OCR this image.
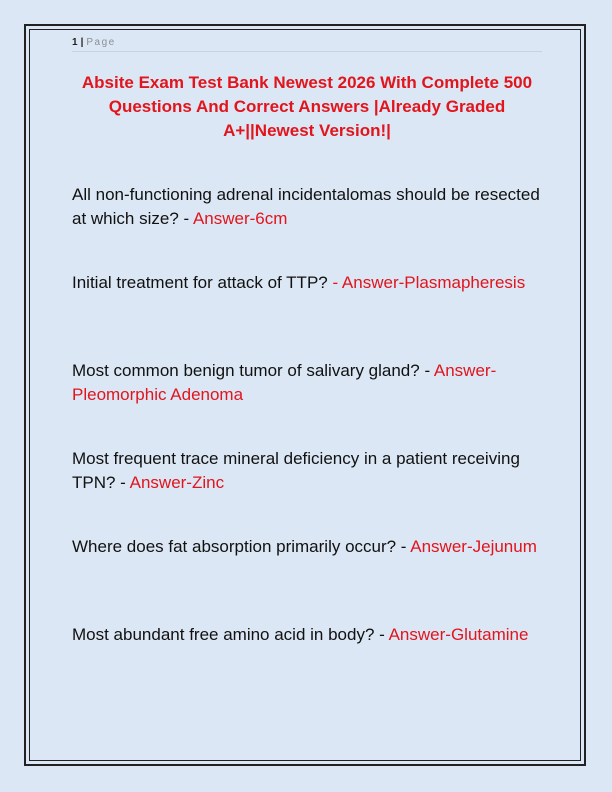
1 | Page
Absite Exam Test Bank Newest 2026 With Complete 500 Questions And Correct Answers |Already Graded A+||Newest Version!|

All non-functioning adrenal incidentalomas should be resected at which size? - Answer-6cm

Initial treatment for attack of TTP? - Answer-Plasmapheresis

Most common benign tumor of salivary gland? - Answer-Pleomorphic Adenoma

Most frequent trace mineral deficiency in a patient receiving TPN? - Answer-Zinc

Where does fat absorption primarily occur? - Answer-Jejunum

Most abundant free amino acid in body? - Answer-Glutamine
